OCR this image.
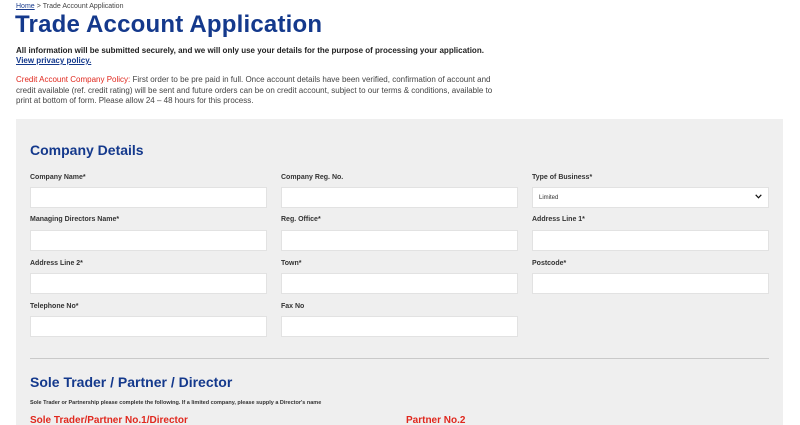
Home > Trade Account Application
Trade Account Application
All information will be submitted securely, and we will only use your details for the purpose of processing your application.
View privacy policy.
Credit Account Company Policy: First order to be pre paid in full. Once account details have been verified, confirmation of account and credit available (ref. credit rating) will be sent and future orders can be on credit account, subject to our terms & conditions, available to print at bottom of form. Please allow 24 – 48 hours for this process.
Company Details
Company Name*	Company Reg. No.	Type of Business*
Limited
Managing Directors Name*	Reg. Office*	Address Line 1*
Address Line 2*	Town*	Postcode*
Telephone No*	Fax No
Sole Trader / Partner / Director
Sole Trader or Partnership please complete the following. If a limited company, please supply a Director's name
Sole Trader/Partner No.1/Director	Partner No.2
